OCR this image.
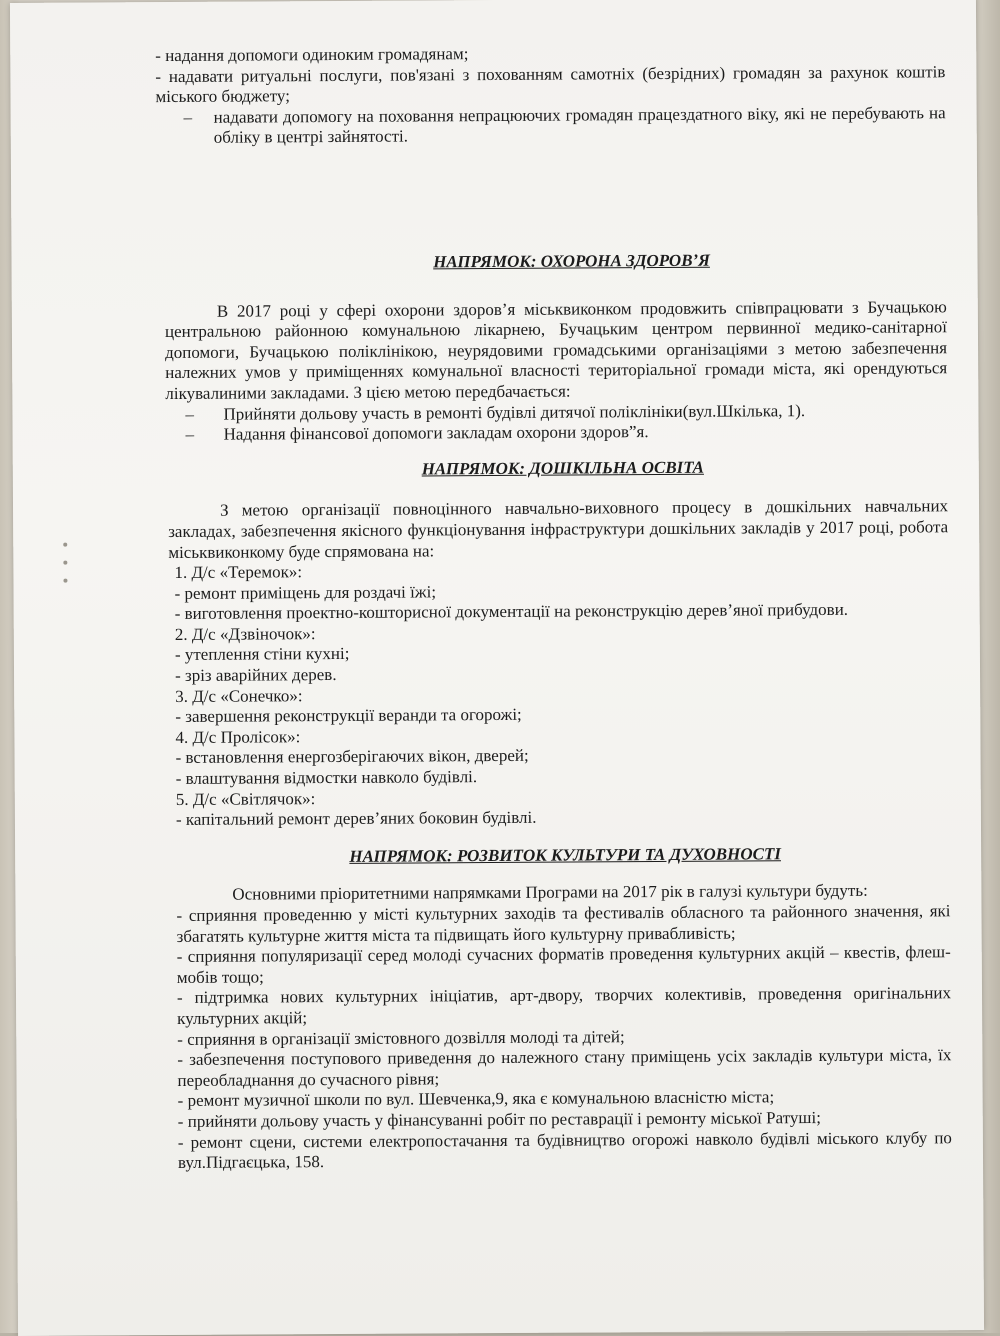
- надання допомоги одиноким громадянам;

- надавати ритуальні послуги, пов'язані з похованням самотніх (безрідних) громадян за рахунок коштів міського бюджету;

–	надавати допомогу на поховання непрацюючих громадян працездатного віку, які не перебувають на обліку в центрі зайнятості.

НАПРЯМОК: ОХОРОНА ЗДОРОВ’Я

В 2017 році у сфері охорони здоров’я міськвиконком продовжить співпрацювати з Бучацькою центральною районною комунальною лікарнею, Бучацьким центром первинної медико-санітарної допомоги, Бучацькою поліклінікою, неурядовими громадськими організаціями з метою забезпечення належних умов у приміщеннях комунальної власності територіальної громади міста, які орендуються лікувалиними закладами. З цією метою передбачається:

–	Прийняти дольову участь в ремонті будівлі дитячої поліклініки(вул.Шкілька, 1).
–	Надання фінансової допомоги закладам охорони здоров”я.

НАПРЯМОК: ДОШКІЛЬНА ОСВІТА

З метою організації повноцінного навчально-виховного процесу в дошкільних навчальних закладах, забезпечення якісного функціонування інфраструктури дошкільних закладів у 2017 році, робота міськвиконкому буде спрямована на:

1. Д/с «Теремок»:

- ремонт приміщень для роздачі їжі;

- виготовлення проектно-кошторисної документації на реконструкцію дерев’яної прибудови.

2. Д/с «Дзвіночок»:

- утеплення стіни кухні;

- зріз аварійних дерев.

3. Д/с «Сонечко»:

- завершення реконструкції веранди та огорожі;

4. Д/с Пролісок»:

- встановлення енергозберігаючих вікон, дверей;

- влаштування відмостки навколо будівлі.

5. Д/с «Світлячок»:

- капітальний ремонт дерев’яних боковин будівлі.

НАПРЯМОК: РОЗВИТОК КУЛЬТУРИ ТА ДУХОВНОСТІ

Основними пріоритетними напрямками Програми на 2017 рік в галузі культури будуть:

- сприяння проведенню у місті культурних заходів та фестивалів обласного та районного значення, які збагатять культурне життя міста та підвищать його культурну привабливість;

- сприяння популяризації серед молоді сучасних форматів проведення культурних акцій – квестів, флеш-мобів тощо;

- підтримка нових культурних ініціатив, арт-двору, творчих колективів, проведення оригінальних культурних акцій;

- сприяння в організації змістовного дозвілля молоді та дітей;

- забезпечення поступового приведення до належного стану приміщень усіх закладів культури міста, їх переобладнання до сучасного рівня;

- ремонт музичної школи по вул. Шевченка,9, яка є комунальною власністю міста;

- прийняти дольову участь у фінансуванні робіт по реставрації і ремонту міської Ратуші;

- ремонт сцени, системи електропостачання та будівництво огорожі навколо будівлі міського клубу по вул.Підгаєцька, 158.
